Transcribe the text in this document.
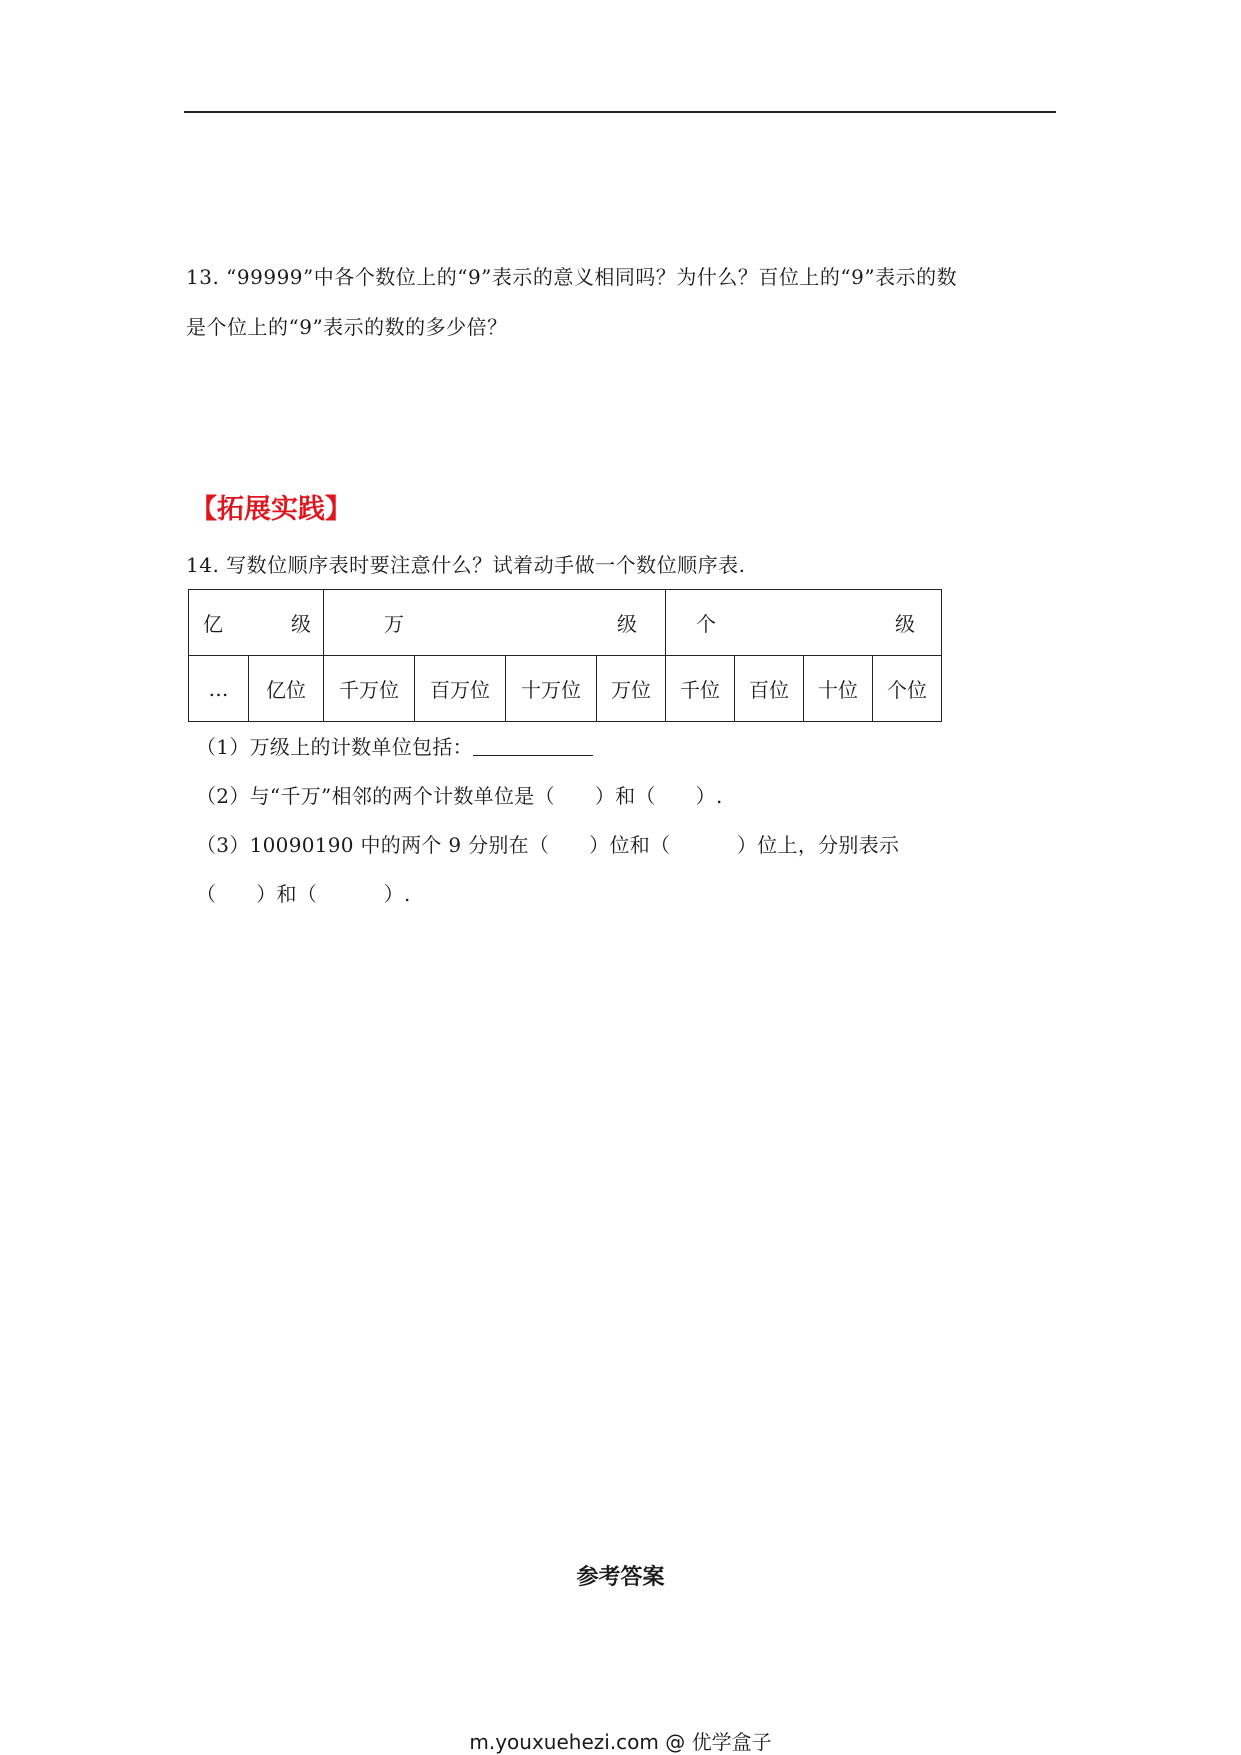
13. “99999”中各个数位上的“9”表示的意义相同吗？为什么？百位上的“9”表示的数

是个位上的“9”表示的数的多少倍？

【拓展实践】

14. 写数位顺序表时要注意什么？试着动手做一个数位顺序表.

亿 级		万 级				个 级			

…	亿位	千万位	百万位	十万位	万位	千位	百位	十位	个位

（1）万级上的计数单位包括：

（2）与“千万”相邻的两个计数单位是（      ）和（      ）.

（3）10090190 中的两个 9 分别在（      ）位和（          ）位上，分别表示

（      ）和（          ）.

参考答案
m.youxuehezi.com @ 优学盒子
